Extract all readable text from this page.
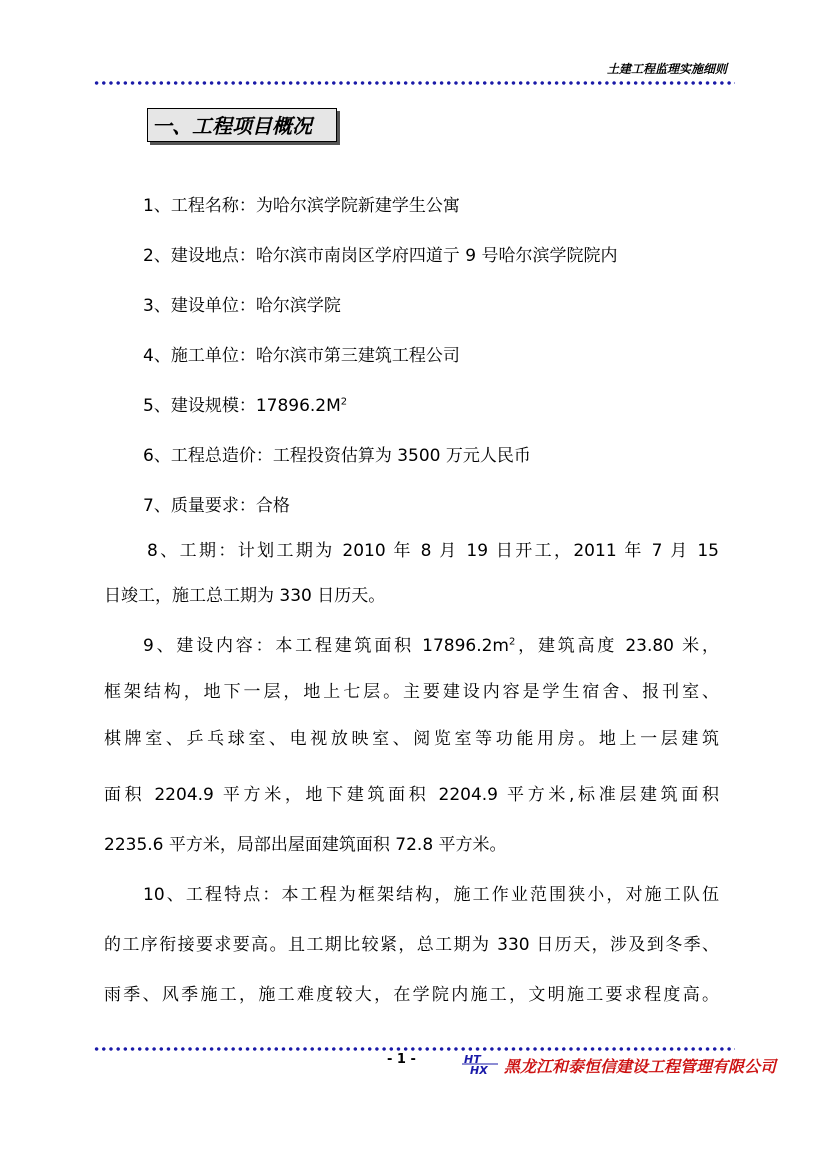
土建工程监理实施细则
一、工程项目概况
1、工程名称：为哈尔滨学院新建学生公寓
2、建设地点：哈尔滨市南岗区学府四道亍 9 号哈尔滨学院院内
3、建设单位：哈尔滨学院
4、施工单位：哈尔滨市第三建筑工程公司
5、建设规模：$17896.2M^2$
6、工程总造价：工程投资估算为 3500 万元人民币
7、质量要求：合格
8、工期：计划工期为 2010 年 8 月 19 日开工，2011 年 7 月 15
日竣工，施工总工期为 330 日历天。
9、建设内容：本工程建筑面积 $17896.2m^2$，建筑高度 23.80 米，
框架结构，地下一层，地上七层。主要建设内容是学生宿舍、报刊室、
棋牌室、乒乓球室、电视放映室、阅览室等功能用房。地上一层建筑
面积 2204.9 平方米，地下建筑面积 2204.9 平方米,标准层建筑面积
2235.6 平方米，局部出屋面建筑面积 72.8 平方米。
10、工程特点：本工程为框架结构，施工作业范围狭小，对施工队伍
的工序衔接要求要高。且工期比较紧，总工期为 330 日历天，涉及到冬季、
雨季、风季施工，施工难度较大，在学院内施工，文明施工要求程度高。
- 1 -	HT
HX 黑龙江和泰恒信建设工程管理有限公司
